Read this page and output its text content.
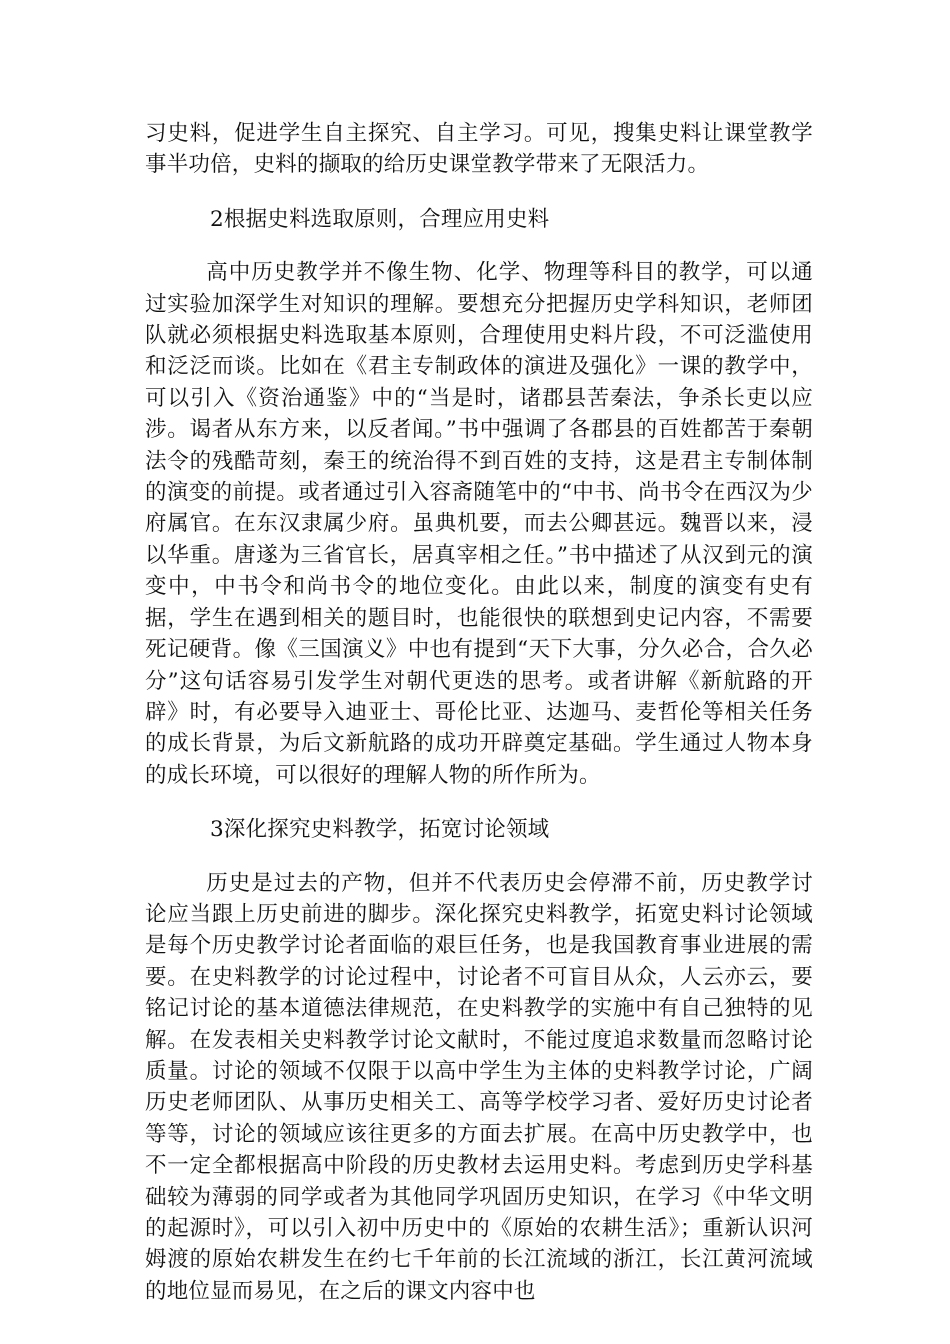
习史料，促进学生自主探究、自主学习。可见，搜集史料让课堂教学事半功倍，史料的撷取的给历史课堂教学带来了无限活力。

2根据史料选取原则，合理应用史料

高中历史教学并不像生物、化学、物理等科目的教学，可以通过实验加深学生对知识的理解。要想充分把握历史学科知识，老师团队就必须根据史料选取基本原则，合理使用史料片段，不可泛滥使用和泛泛而谈。比如在《君主专制政体的演进及强化》一课的教学中，可以引入《资治通鉴》中的“当是时，诸郡县苦秦法，争杀长吏以应涉。谒者从东方来，以反者闻。”书中强调了各郡县的百姓都苦于秦朝法令的残酷苛刻，秦王的统治得不到百姓的支持，这是君主专制体制的演变的前提。或者通过引入容斋随笔中的“中书、尚书令在西汉为少府属官。在东汉隶属少府。虽典机要，而去公卿甚远。魏晋以来，浸以华重。唐遂为三省官长，居真宰相之任。”书中描述了从汉到元的演变中，中书令和尚书令的地位变化。由此以来，制度的演变有史有据，学生在遇到相关的题目时，也能很快的联想到史记内容，不需要死记硬背。像《三国演义》中也有提到“天下大事，分久必合，合久必分”这句话容易引发学生对朝代更迭的思考。或者讲解《新航路的开辟》时，有必要导入迪亚士、哥伦比亚、达迦马、麦哲伦等相关任务的成长背景，为后文新航路的成功开辟奠定基础。学生通过人物本身的成长环境，可以很好的理解人物的所作所为。

3深化探究史料教学，拓宽讨论领域

历史是过去的产物，但并不代表历史会停滞不前，历史教学讨论应当跟上历史前进的脚步。深化探究史料教学，拓宽史料讨论领域是每个历史教学讨论者面临的艰巨任务，也是我国教育事业进展的需要。在史料教学的讨论过程中，讨论者不可盲目从众，人云亦云，要铭记讨论的基本道德法律规范，在史料教学的实施中有自己独特的见解。在发表相关史料教学讨论文献时，不能过度追求数量而忽略讨论质量。讨论的领域不仅限于以高中学生为主体的史料教学讨论，广阔历史老师团队、从事历史相关工、高等学校学习者、爱好历史讨论者等等，讨论的领域应该往更多的方面去扩展。在高中历史教学中，也不一定全都根据高中阶段的历史教材去运用史料。考虑到历史学科基础较为薄弱的同学或者为其他同学巩固历史知识，在学习《中华文明的起源时》，可以引入初中历史中的《原始的农耕生活》；重新认识河姆渡的原始农耕发生在约七千年前的长江流域的浙江，长江黄河流域的地位显而易见，在之后的课文内容中也
